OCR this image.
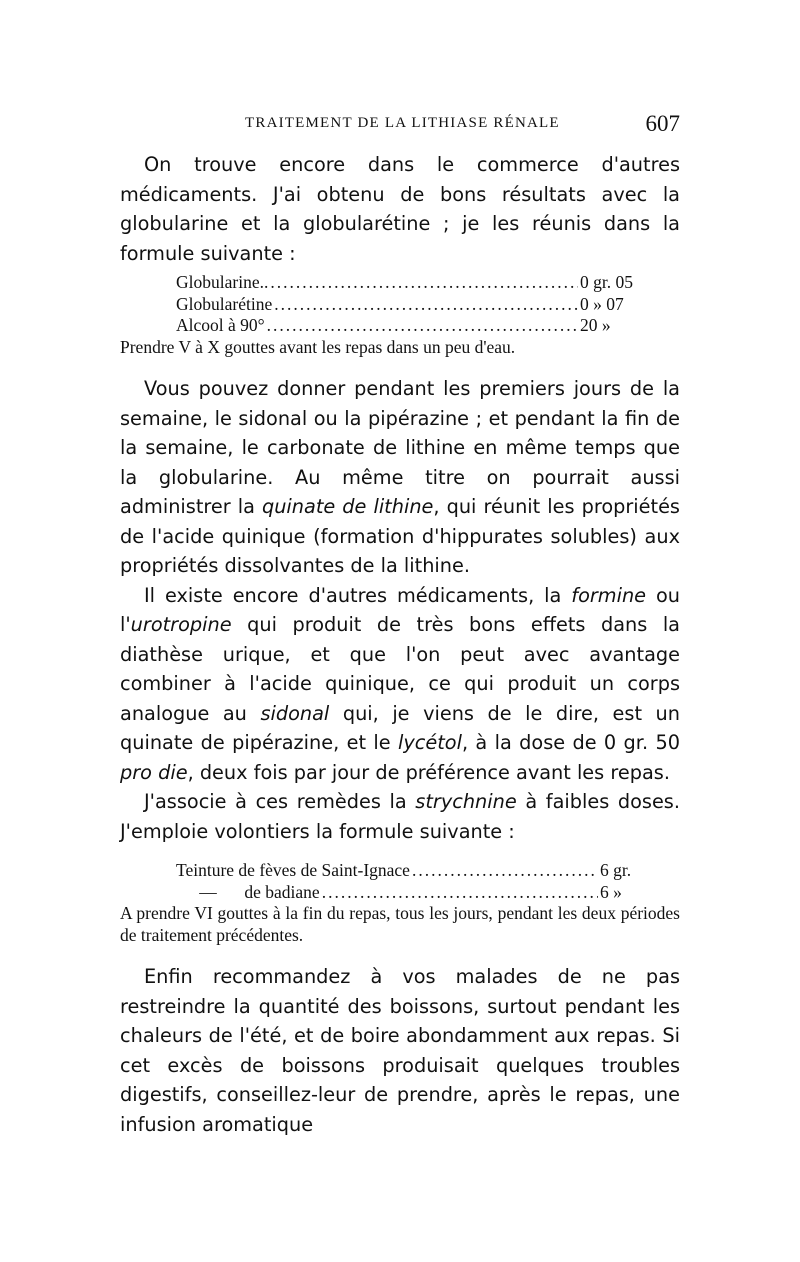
TRAITEMENT DE LA LITHIASE RÉNALE	607

On trouve encore dans le commerce d'autres médicaments. J'ai obtenu de bons résultats avec la globularine et la globularétine ; je les réunis dans la formule suivante :

Globularine.. .....	0 gr. 05
Globularétine .....	0 » 07
Alcool à 90° .....	20 »

Prendre V à X gouttes avant les repas dans un peu d'eau.

Vous pouvez donner pendant les premiers jours de la semaine, le sidonal ou la pipérazine ; et pendant la fin de la semaine, le carbonate de lithine en même temps que la globularine. Au même titre on pourrait aussi administrer la quinate de lithine, qui réunit les propriétés de l'acide quinique (formation d'hippurates solubles) aux propriétés dissolvantes de la lithine.

Il existe encore d'autres médicaments, la formine ou l'urotropine qui produit de très bons effets dans la diathèse urique, et que l'on peut avec avantage combiner à l'acide quinique, ce qui produit un corps analogue au sidonal qui, je viens de le dire, est un quinate de pipérazine, et le lycétol, à la dose de 0 gr. 50 pro die, deux fois par jour de préférence avant les repas.

J'associe à ces remèdes la strychnine à faibles doses. J'emploie volontiers la formule suivante :

Teinture de fèves de Saint-Ignace .....	6 gr.
— de badiane .....	6 »

A prendre VI gouttes à la fin du repas, tous les jours, pendant les deux périodes de traitement précédentes.

Enfin recommandez à vos malades de ne pas restreindre la quantité des boissons, surtout pendant les chaleurs de l'été, et de boire abondamment aux repas. Si cet excès de boissons produisait quelques troubles digestifs, conseillez-leur de prendre, après le repas, une infusion aromatique
